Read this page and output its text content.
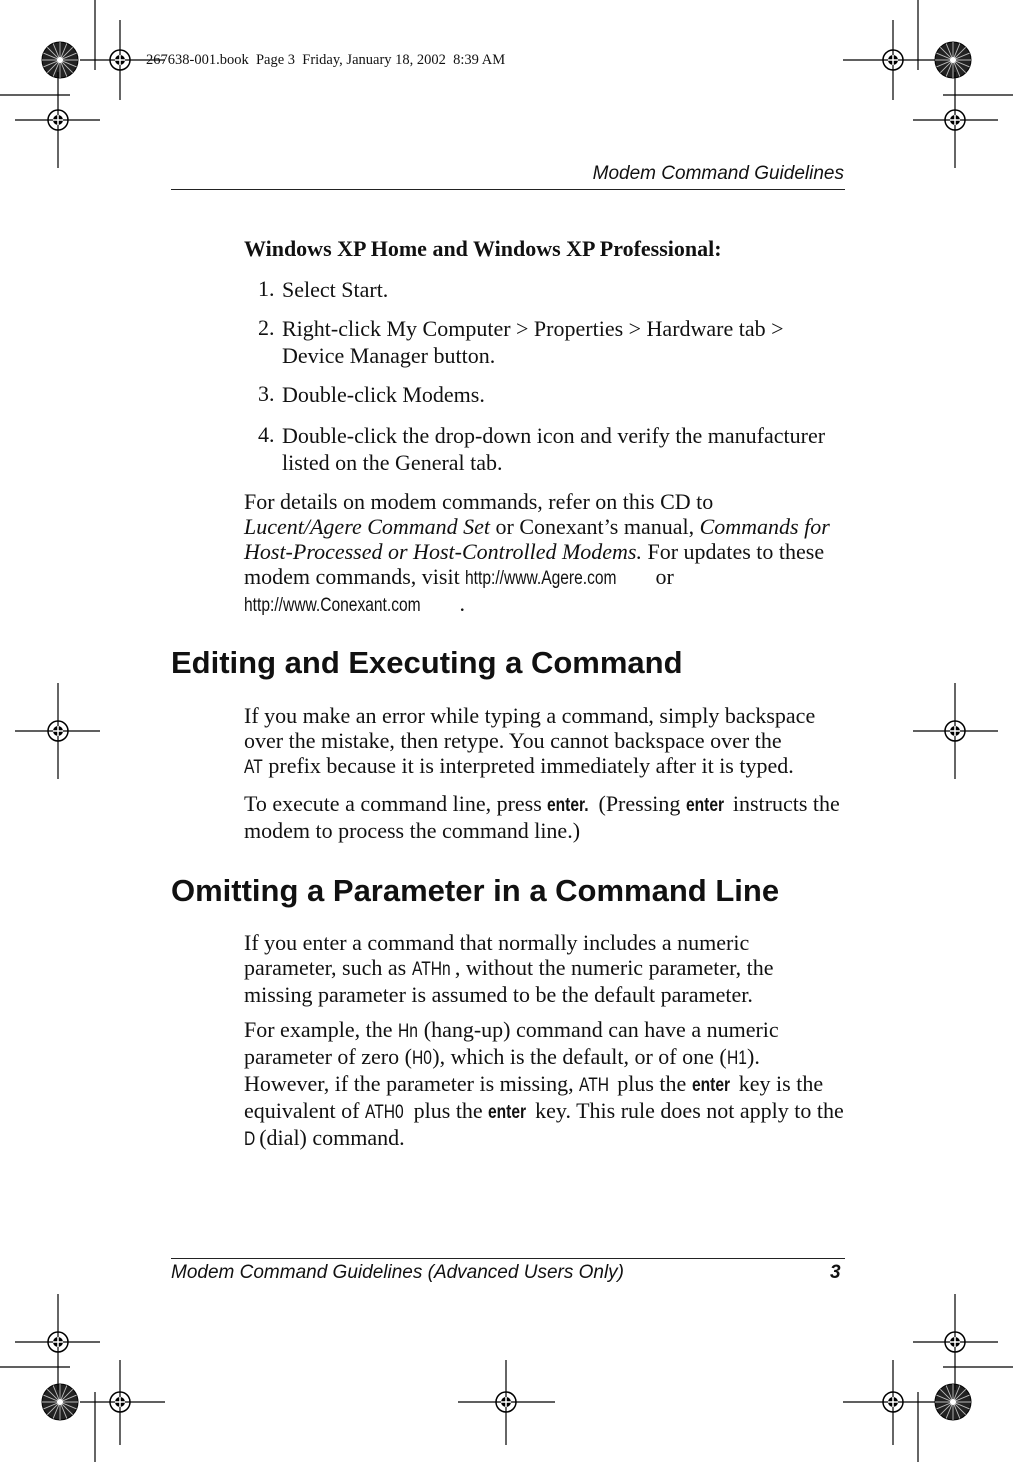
267638-001.book  Page 3  Friday, January 18, 2002  8:39 AM
Modem Command Guidelines
Windows XP Home and Windows XP Professional:
1. Select Start.
2. Right-click My Computer > Properties > Hardware tab > Device Manager button.
3. Double-click Modems.
4. Double-click the drop-down icon and verify the manufacturer listed on the General tab.
For details on modem commands, refer on this CD to
Lucent/Agere Command Set or Conexant’s manual, Commands for Host-Processed or Host-Controlled Modems. For updates to these modem commands, visit http://www.Agere.com or
http://www.Conexant.com .
Editing and Executing a Command
If you make an error while typing a command, simply backspace over the mistake, then retype. You cannot backspace over the
AT prefix because it is interpreted immediately after it is typed.
To execute a command line, press enter. (Pressing enter instructs the modem to process the command line.)
Omitting a Parameter in a Command Line
If you enter a command that normally includes a numeric parameter, such as ATHn , without the numeric parameter, the missing parameter is assumed to be the default parameter.
For example, the Hn (hang-up) command can have a numeric parameter of zero (H0), which is the default, or of one (H1). However, if the parameter is missing, ATH plus the enter key is the equivalent of ATH0 plus the enter key. This rule does not apply to the D (dial) command.
Modem Command Guidelines (Advanced Users Only)	3
